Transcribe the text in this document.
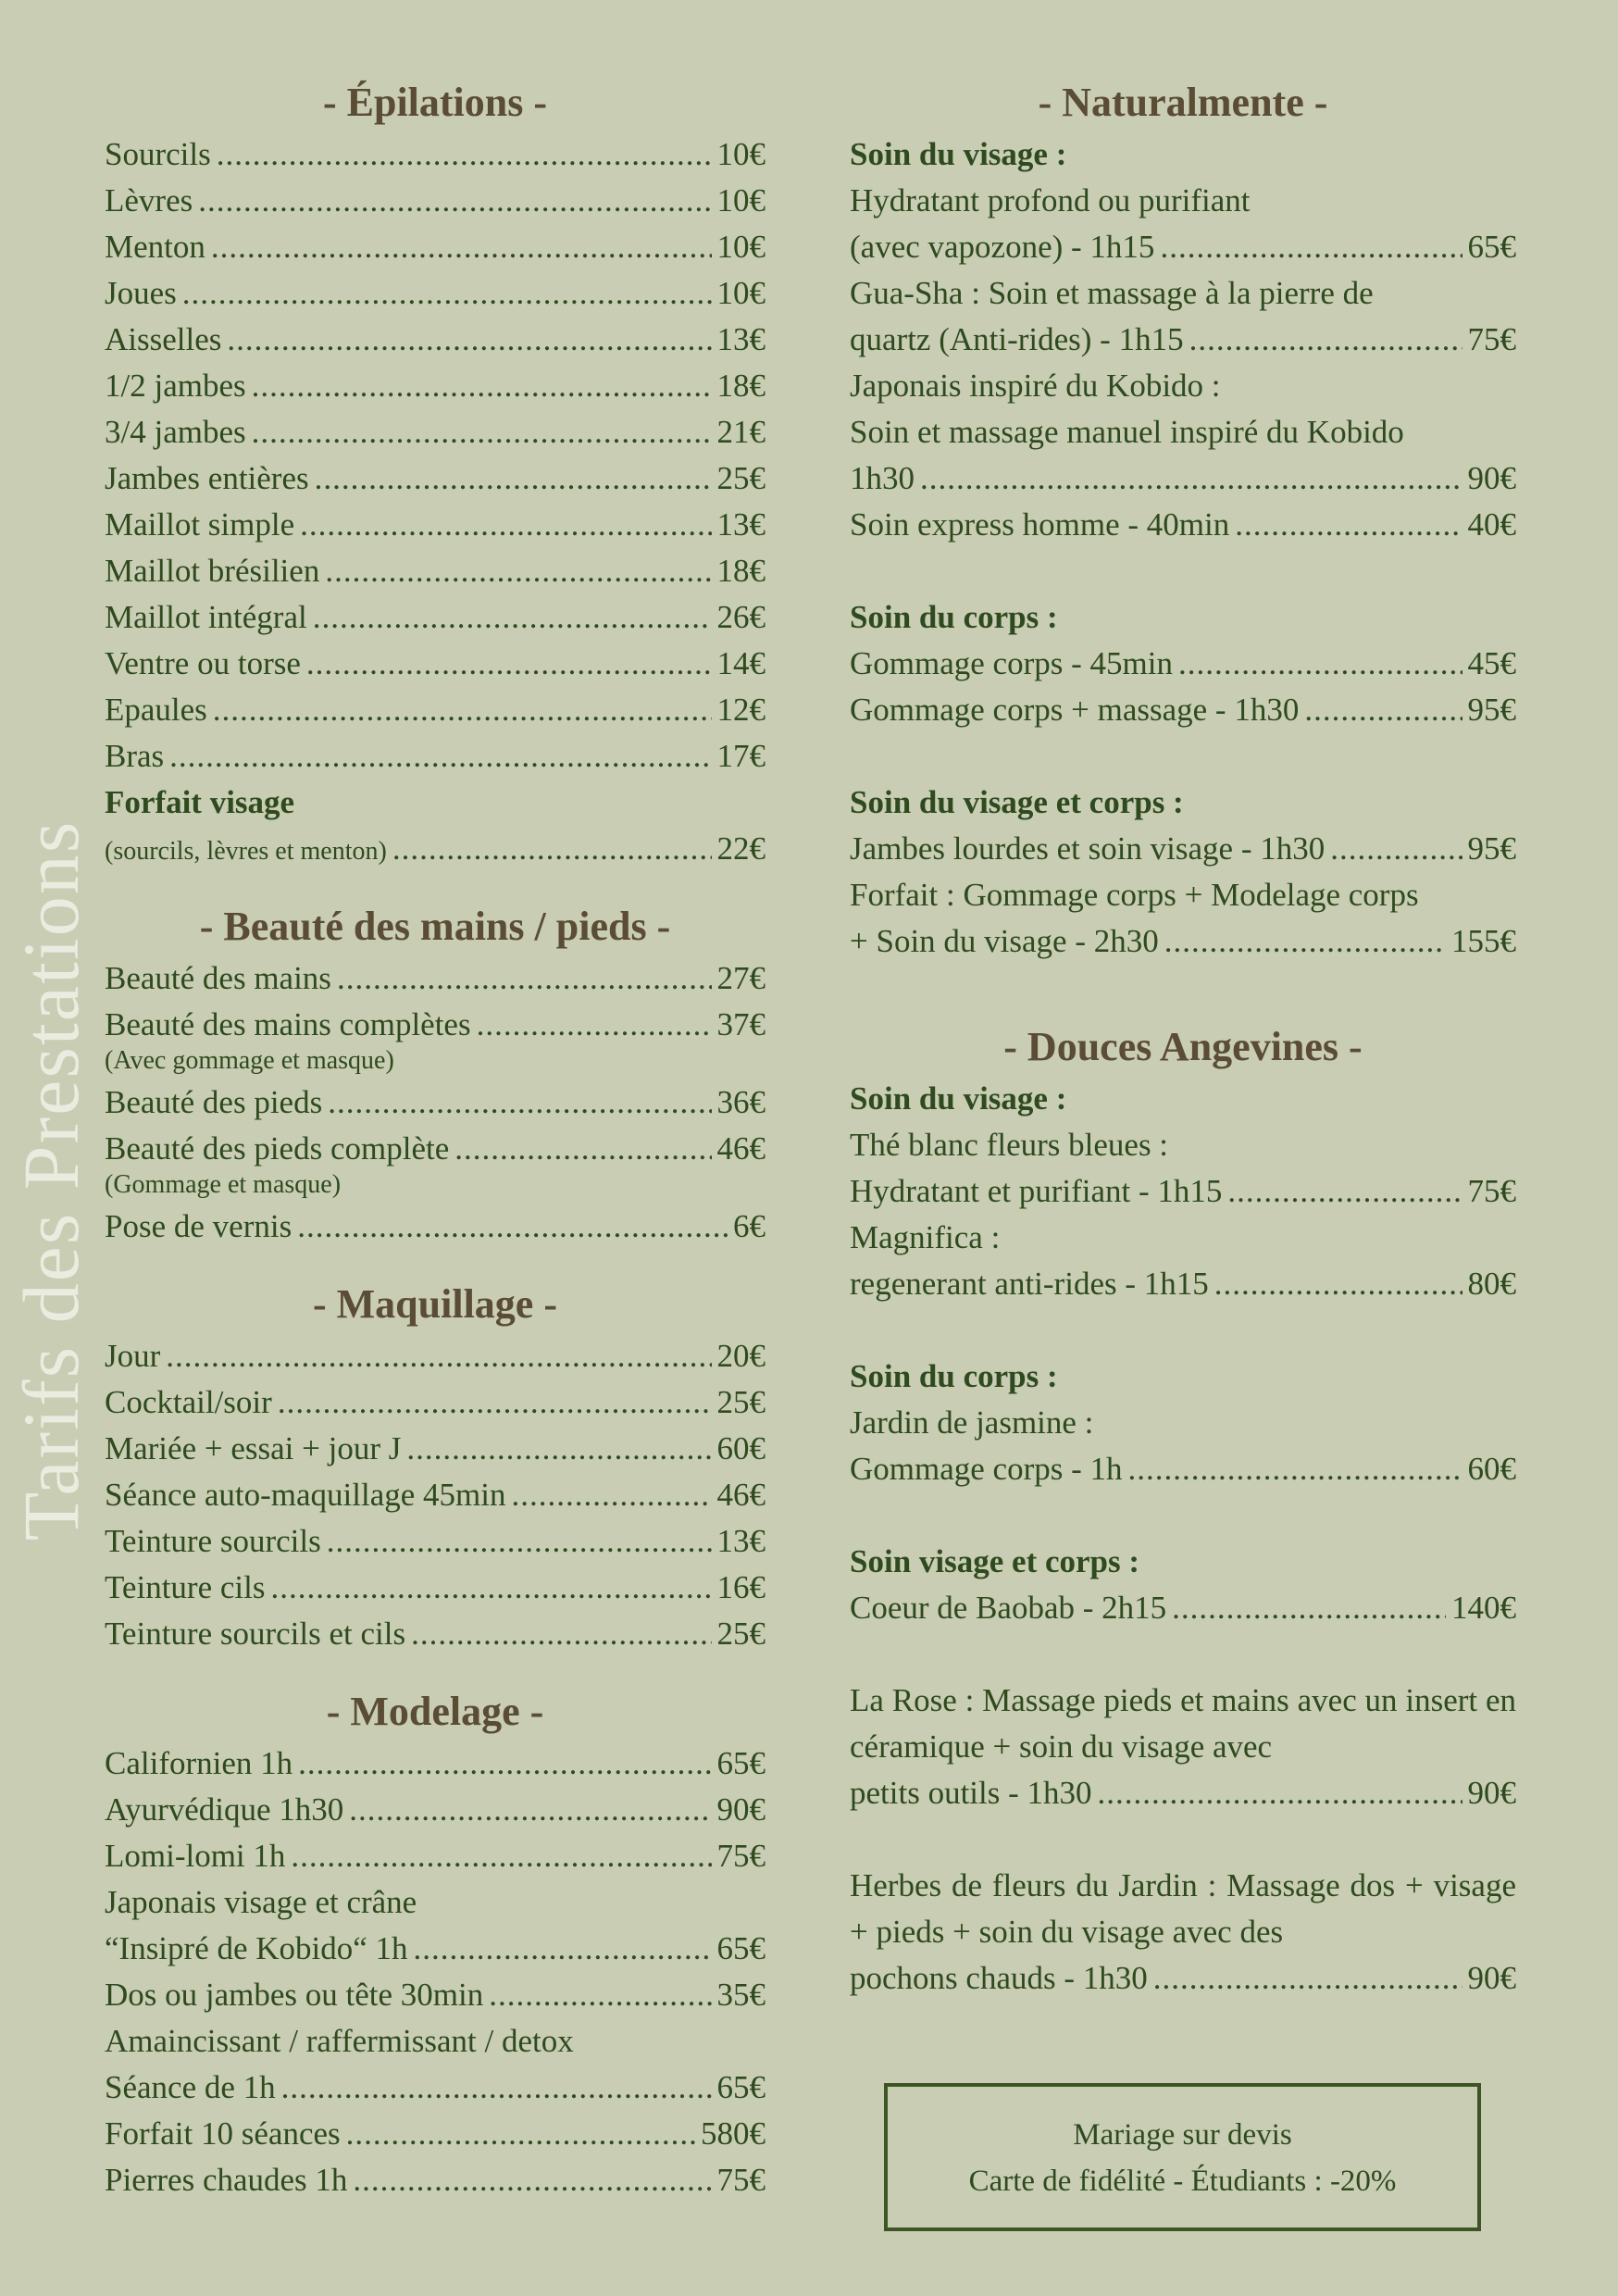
Tarifs des Prestations
- Épilations -
Sourcils .....	10€
Lèvres .....	10€
Menton .....	10€
Joues .....	10€
Aisselles .....	13€
1/2 jambes .....	18€
3/4 jambes .....	21€
Jambes entières .....	25€
Maillot simple .....	13€
Maillot brésilien .....	18€
Maillot intégral .....	26€
Ventre ou torse .....	14€
Epaules .....	12€
Bras .....	17€
Forfait visage
(sourcils, lèvres et menton) .....	22€
- Beauté des mains / pieds -
Beauté des mains .....	27€
Beauté des mains complètes .....	37€
(Avec gommage et masque)
Beauté des pieds .....	36€
Beauté des pieds complète .....	46€
(Gommage et masque)
Pose de vernis .....	6€
- Maquillage -
Jour .....	20€
Cocktail/soir .....	25€
Mariée + essai + jour J .....	60€
Séance auto-maquillage 45min .....	46€
Teinture sourcils .....	13€
Teinture cils .....	16€
Teinture sourcils et cils .....	25€
- Modelage -
Californien 1h .....	65€
Ayurvédique 1h30 .....	90€
Lomi-lomi 1h .....	75€
Japonais visage et crâne
“Insipré de Kobido“ 1h .....	65€
Dos ou jambes ou tête 30min .....	35€
Amaincissant / raffermissant / detox
Séance de 1h .....	65€
Forfait 10 séances .....	580€
Pierres chaudes 1h .....	75€
- Naturalmente -
Soin du visage :
Hydratant profond ou purifiant
(avec vapozone) - 1h15 .....	65€
Gua-Sha : Soin et massage à la pierre de
quartz (Anti-rides) - 1h15 .....	75€
Japonais inspiré du Kobido :
Soin et massage manuel inspiré du Kobido
1h30 .....	90€
Soin express homme - 40min .....	40€
Soin du corps :
Gommage corps - 45min .....	45€
Gommage corps + massage - 1h30 .....	95€
Soin du visage et corps :
Jambes lourdes et soin visage - 1h30 .....	95€
Forfait : Gommage corps + Modelage corps
+ Soin du visage - 2h30 .....	155€
- Douces Angevines -
Soin du visage :
Thé blanc fleurs bleues :
Hydratant et purifiant - 1h15 .....	75€
Magnifica :
regenerant anti-rides - 1h15 .....	80€
Soin du corps :
Jardin de jasmine :
Gommage corps - 1h .....	60€
Soin visage et corps :
Coeur de Baobab - 2h15 .....	140€
La Rose : Massage pieds et mains avec un insert en céramique + soin du visage avec
petits outils - 1h30 .....	90€
Herbes de fleurs du Jardin : Massage dos + visage + pieds + soin du visage avec des
pochons chauds - 1h30 .....	90€
Mariage sur devis
Carte de fidélité - Étudiants : -20%
